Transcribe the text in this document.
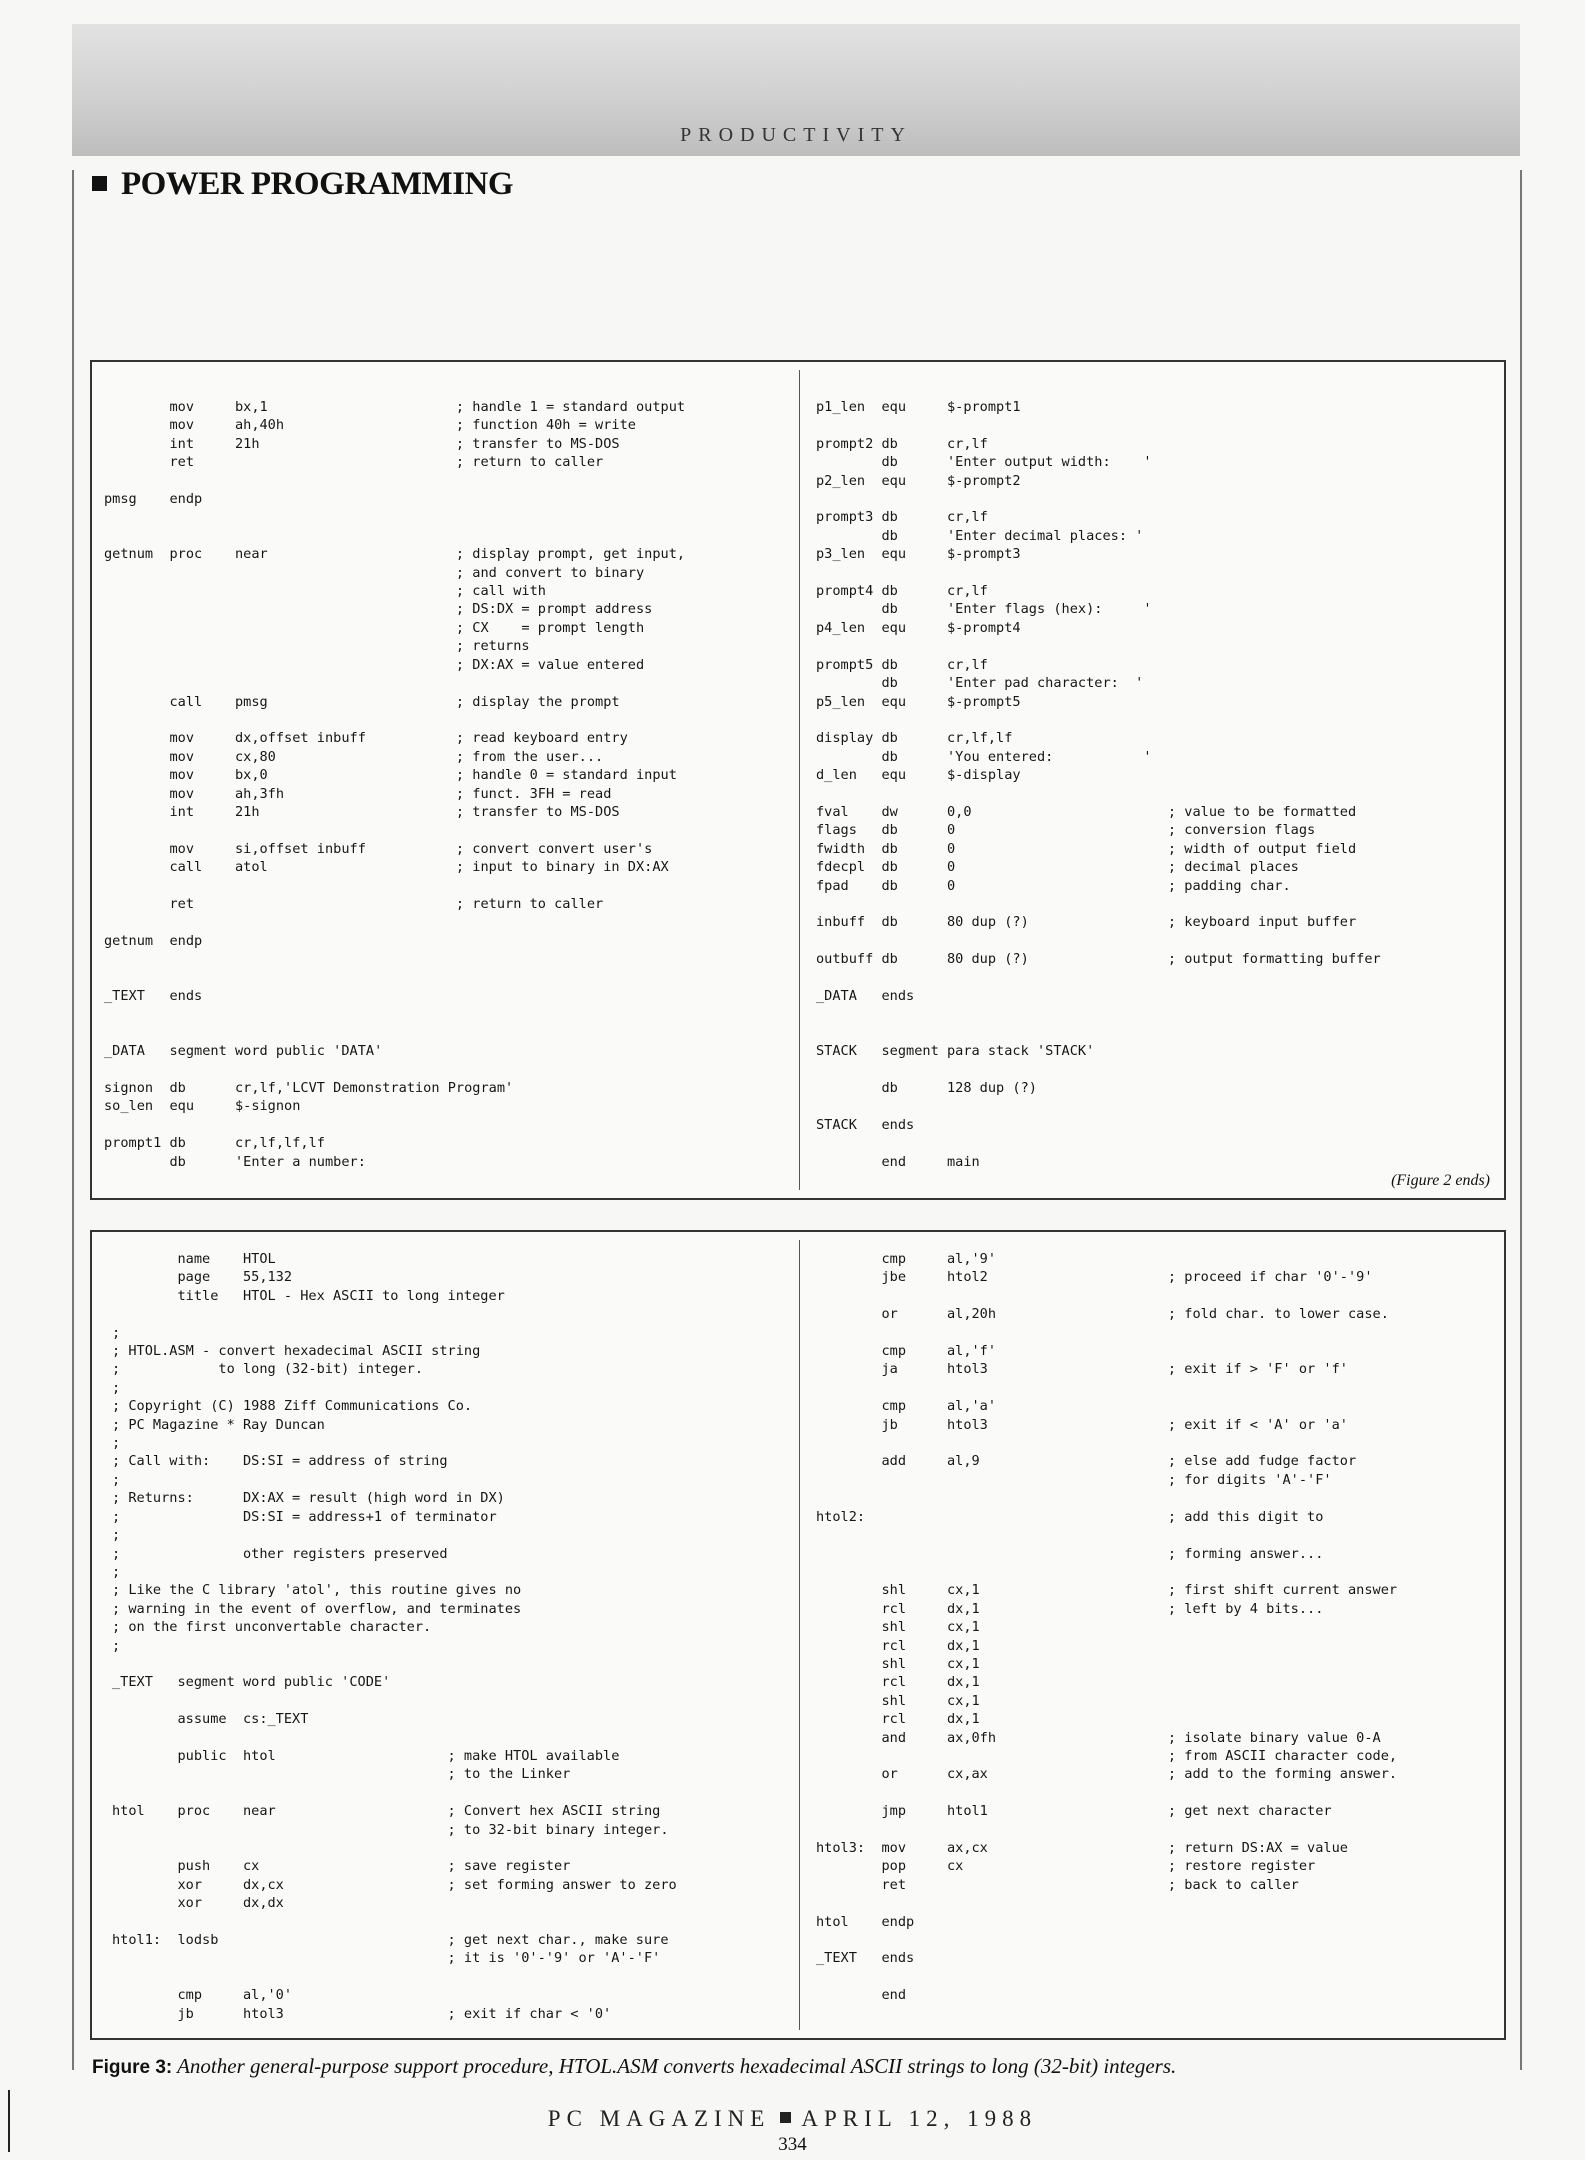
PRODUCTIVITY
POWER PROGRAMMING
mov     bx,1                       ; handle 1 = standard output
mov     ah,40h                     ; function 40h = write
int     21h                        ; transfer to MS-DOS
ret                                ; return to caller

pmsg    endp

getnum  proc    near                       ; display prompt, get input,
; and convert to binary
; call with
; DS:DX = prompt address
; CX    = prompt length
; returns
; DX:AX = value entered

call    pmsg                       ; display the prompt

mov     dx,offset inbuff           ; read keyboard entry
mov     cx,80                      ; from the user...
mov     bx,0                       ; handle 0 = standard input
mov     ah,3fh                     ; funct. 3FH = read
int     21h                        ; transfer to MS-DOS

mov     si,offset inbuff           ; convert convert user's
call    atol                       ; input to binary in DX:AX

ret                                ; return to caller

getnum  endp

_TEXT   ends

_DATA   segment word public 'DATA'

signon  db      cr,lf,'LCVT Demonstration Program'
so_len  equ     $-signon

prompt1 db      cr,lf,lf,lf
db      'Enter a number:
p1_len  equ     $-prompt1

prompt2 db      cr,lf
db      'Enter output width:    '
p2_len  equ     $-prompt2

prompt3 db      cr,lf
db      'Enter decimal places: '
p3_len  equ     $-prompt3

prompt4 db      cr,lf
db      'Enter flags (hex):     '
p4_len  equ     $-prompt4

prompt5 db      cr,lf
db      'Enter pad character:  '
p5_len  equ     $-prompt5

display db      cr,lf,lf
db      'You entered:           '
d_len   equ     $-display

fval    dw      0,0                        ; value to be formatted
flags   db      0                          ; conversion flags
fwidth  db      0                          ; width of output field
fdecpl  db      0                          ; decimal places
fpad    db      0                          ; padding char.

inbuff  db      80 dup (?)                 ; keyboard input buffer

outbuff db      80 dup (?)                 ; output formatting buffer

_DATA   ends

STACK   segment para stack 'STACK'

db      128 dup (?)

STACK   ends

end     main
(Figure 2 ends)
name    HTOL
page    55,132
title   HTOL - Hex ASCII to long integer

;
; HTOL.ASM - convert hexadecimal ASCII string
;            to long (32-bit) integer.
;
; Copyright (C) 1988 Ziff Communications Co.
; PC Magazine * Ray Duncan
;
; Call with:    DS:SI = address of string
;
; Returns:      DX:AX = result (high word in DX)
;               DS:SI = address+1 of terminator
;
;               other registers preserved
;
; Like the C library 'atol', this routine gives no
; warning in the event of overflow, and terminates
; on the first unconvertable character.
;

_TEXT   segment word public 'CODE'

assume  cs:_TEXT

public  htol                     ; make HTOL available
; to the Linker

htol    proc    near                     ; Convert hex ASCII string
; to 32-bit binary integer.

push    cx                       ; save register
xor     dx,cx                    ; set forming answer to zero
xor     dx,dx

htol1:  lodsb                            ; get next char., make sure
; it is '0'-'9' or 'A'-'F'

cmp     al,'0'
jb      htol3                    ; exit if char < '0'
cmp     al,'9'
jbe     htol2                      ; proceed if char '0'-'9'

or      al,20h                     ; fold char. to lower case.

cmp     al,'f'
ja      htol3                      ; exit if > 'F' or 'f'

cmp     al,'a'
jb      htol3                      ; exit if < 'A' or 'a'

add     al,9                       ; else add fudge factor
; for digits 'A'-'F'

htol2:                                     ; add this digit to

; forming answer...

shl     cx,1                       ; first shift current answer
rcl     dx,1                       ; left by 4 bits...
shl     cx,1
rcl     dx,1
shl     cx,1
rcl     dx,1
shl     cx,1
rcl     dx,1
and     ax,0fh                     ; isolate binary value 0-A
; from ASCII character code,
or      cx,ax                      ; add to the forming answer.

jmp     htol1                      ; get next character

htol3:  mov     ax,cx                      ; return DS:AX = value
pop     cx                         ; restore register
ret                                ; back to caller

htol    endp

_TEXT   ends

end
Figure 3: Another general-purpose support procedure, HTOL.ASM converts hexadecimal ASCII strings to long (32-bit) integers.
PC MAGAZINE APRIL 12, 1988
334
